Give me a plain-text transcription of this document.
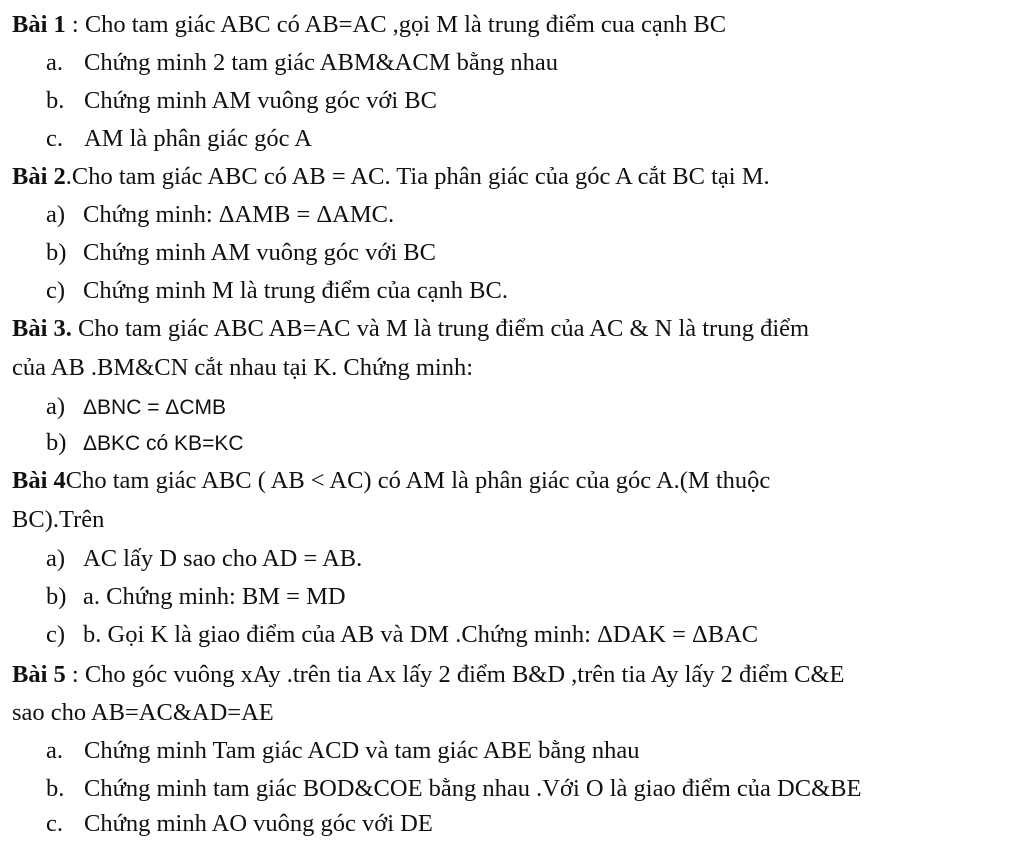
Bài 1 : Cho tam giác ABC có AB=AC ,gọi M là trung điểm cua cạnh BC
a. Chứng minh 2 tam giác ABM&ACM bằng nhau
b. Chứng minh AM vuông góc với BC
c. AM là phân giác góc A
Bài 2.Cho tam giác ABC có AB = AC. Tia phân giác của góc A cắt BC tại M.
a) Chứng minh: ΔAMB = ΔAMC.
b) Chứng minh AM vuông góc với BC
c) Chứng minh M là trung điểm của cạnh BC.
Bài 3. Cho tam giác ABC AB=AC và M là trung điểm của AC & N là trung điểm
của AB .BM&CN cắt nhau tại K. Chứng minh:
a) ΔBNC = ΔCMB
b) ΔBKC có KB=KC
Bài 4Cho tam giác ABC ( AB < AC) có AM là phân giác của góc A.(M thuộc
BC).Trên
a) AC lấy D sao cho AD = AB.
b) a. Chứng minh: BM = MD
c) b. Gọi K là giao điểm của AB và DM .Chứng minh: ΔDAK = ΔBAC
Bài 5 : Cho góc vuông xAy .trên tia Ax lấy 2 điểm B&D ,trên tia Ay lấy 2 điểm C&E
sao cho AB=AC&AD=AE
a. Chứng minh Tam giác ACD và tam giác ABE bằng nhau
b. Chứng minh tam giác BOD&COE bằng nhau .Với O là giao điểm của DC&BE
c. Chứng minh AO vuông góc với DE
